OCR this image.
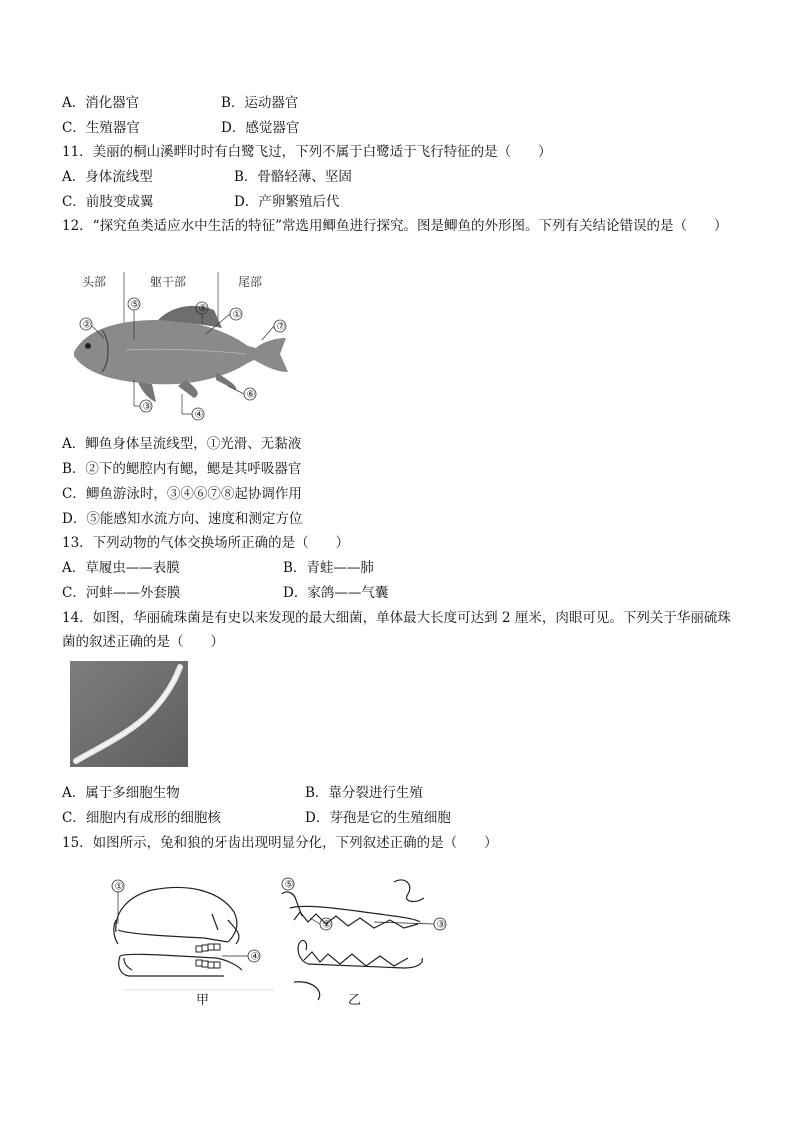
A．消化器官	B．运动器官
C．生殖器官	D．感觉器官
11．美丽的桐山溪畔时时有白鹭飞过，下列不属于白鹭适于飞行特征的是（　　）
A．身体流线型	B．骨骼轻薄、坚固
C．前肢变成翼	D．产卵繁殖后代
12．“探究鱼类适应水中生活的特征”常选用鲫鱼进行探究。图是鲫鱼的外形图。下列有关结论错误的是（　　）
头部	躯干部	尾部
⑤	⑧
①
⑦
②
③
④
⑥
A．鲫鱼身体呈流线型，①光滑、无黏液
B．②下的鳃腔内有鳃，鳃是其呼吸器官
C．鲫鱼游泳时，③④⑥⑦⑧起协调作用
D．⑤能感知水流方向、速度和测定方位
13．下列动物的气体交换场所正确的是（　　）
A．草履虫——表膜	B．青蛙——肺
C．河蚌——外套膜	D．家鸽——气囊
14．如图，华丽硫珠菌是有史以来发现的最大细菌，单体最大长度可达到 2 厘米，肉眼可见。下列关于华丽硫珠菌的叙述正确的是（　　）
A．属于多细胞生物	B．靠分裂进行生殖
C．细胞内有成形的细胞核	D．芽孢是它的生殖细胞
15．如图所示，兔和狼的牙齿出现明显分化，下列叙述正确的是（　　）
①
④
甲
⑤
②	③
乙
